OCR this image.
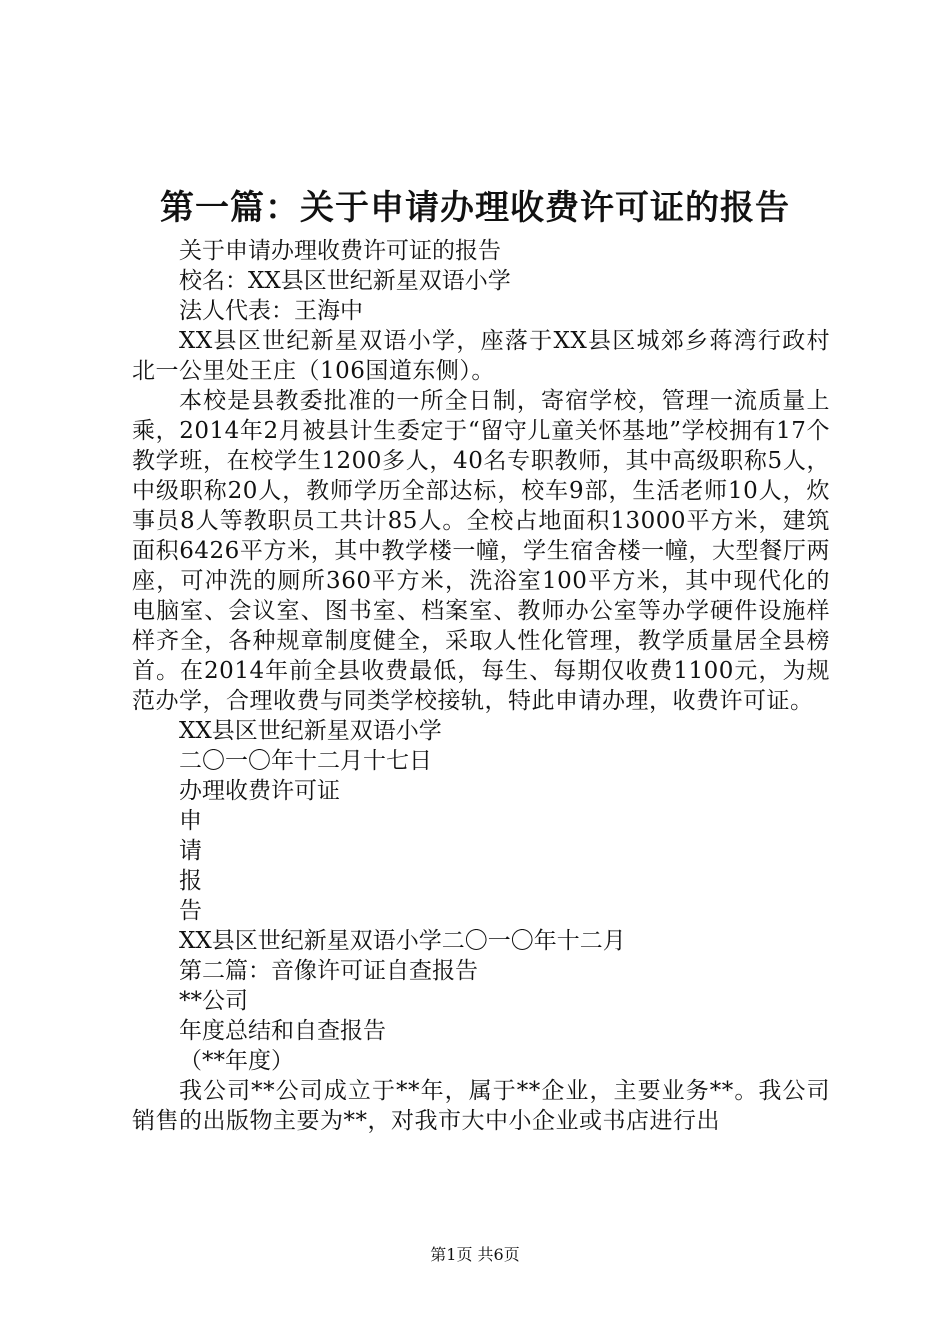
第一篇：关于申请办理收费许可证的报告

关于申请办理收费许可证的报告

校名：XX县区世纪新星双语小学

法人代表：王海中

XX县区世纪新星双语小学，座落于XX县区城郊乡蒋湾行政村北一公里处王庄（106国道东侧）。

本校是县教委批准的一所全日制，寄宿学校，管理一流质量上乘，2014年2月被县计生委定于“留守儿童关怀基地”学校拥有17个教学班，在校学生1200多人，40名专职教师，其中高级职称5人，中级职称20人，教师学历全部达标，校车9部，生活老师10人，炊事员8人等教职员工共计85人。全校占地面积13000平方米，建筑面积6426平方米，其中教学楼一幢，学生宿舍楼一幢，大型餐厅两座，可冲洗的厕所360平方米，洗浴室100平方米，其中现代化的电脑室、会议室、图书室、档案室、教师办公室等办学硬件设施样样齐全，各种规章制度健全，采取人性化管理，教学质量居全县榜首。在2014年前全县收费最低，每生、每期仅收费1100元，为规范办学，合理收费与同类学校接轨，特此申请办理，收费许可证。

XX县区世纪新星双语小学

二〇一〇年十二月十七日

办理收费许可证

申

请

报

告

XX县区世纪新星双语小学二〇一〇年十二月

第二篇：音像许可证自查报告

**公司

年度总结和自查报告

（**年度）

我公司**公司成立于**年，属于**企业，主要业务**。我公司销售的出版物主要为**，对我市大中小企业或书店进行出

第1页 共6页
